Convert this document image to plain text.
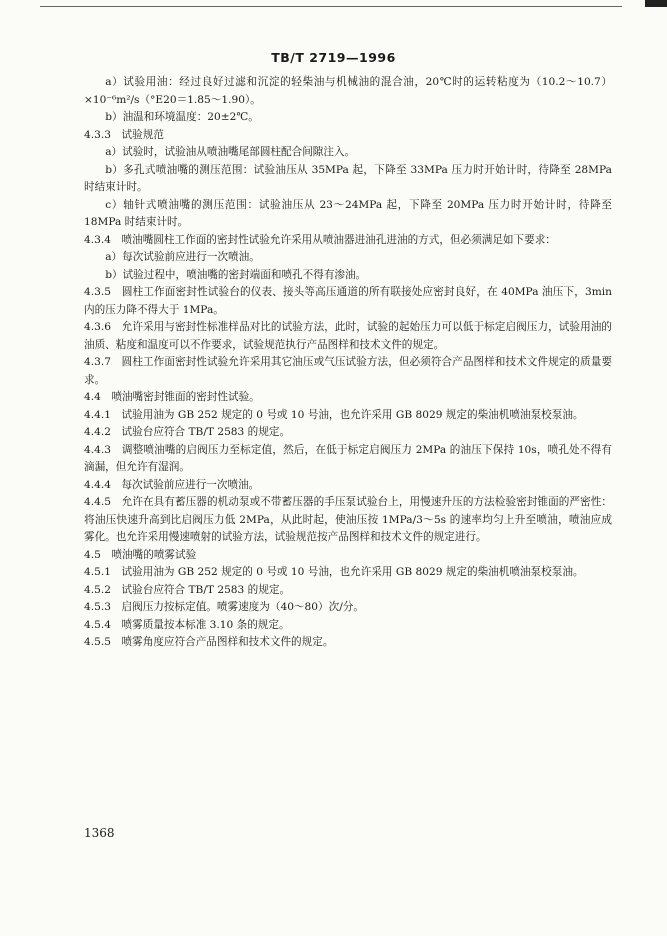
TB/T 2719—1996

a）试验用油：经过良好过滤和沉淀的轻柴油与机械油的混合油，20℃时的运转粘度为（10.2～10.7）×10⁻⁶m²/s（°E20＝1.85～1.90）。

b）油温和环境温度：20±2℃。

4.3.3　试验规范

a）试验时，试验油从喷油嘴尾部圆柱配合间隙注入。

b）多孔式喷油嘴的测压范围：试验油压从 35MPa 起，下降至 33MPa 压力时开始计时，待降至 28MPa 时结束计时。

c）轴针式喷油嘴的测压范围：试验油压从 23～24MPa 起，下降至 20MPa 压力时开始计时，待降至 18MPa 时结束计时。

4.3.4　喷油嘴圆柱工作面的密封性试验允许采用从喷油器进油孔进油的方式，但必须满足如下要求：

a）每次试验前应进行一次喷油。

b）试验过程中，喷油嘴的密封端面和喷孔不得有渗油。

4.3.5　圆柱工作面密封性试验台的仪表、接头等高压通道的所有联接处应密封良好，在 40MPa 油压下，3min 内的压力降不得大于 1MPa。

4.3.6　允许采用与密封性标准样品对比的试验方法，此时，试验的起始压力可以低于标定启阀压力，试验用油的油质、粘度和温度可以不作要求，试验规范执行产品图样和技术文件的规定。

4.3.7　圆柱工作面密封性试验允许采用其它油压或气压试验方法，但必须符合产品图样和技术文件规定的质量要求。

4.4　喷油嘴密封锥面的密封性试验。

4.4.1　试验用油为 GB 252 规定的 0 号或 10 号油，也允许采用 GB 8029 规定的柴油机喷油泵校泵油。

4.4.2　试验台应符合 TB/T 2583 的规定。

4.4.3　调整喷油嘴的启阀压力至标定值，然后，在低于标定启阀压力 2MPa 的油压下保持 10s，喷孔处不得有滴漏，但允许有湿润。

4.4.4　每次试验前应进行一次喷油。

4.4.5　允许在具有蓄压器的机动泵或不带蓄压器的手压泵试验台上，用慢速升压的方法检验密封锥面的严密性：将油压快速升高到比启阀压力低 2MPa，从此时起，使油压按 1MPa/3～5s 的速率均匀上升至喷油，喷油应成雾化。也允许采用慢速喷射的试验方法，试验规范按产品图样和技术文件的规定进行。

4.5　喷油嘴的喷雾试验

4.5.1　试验用油为 GB 252 规定的 0 号或 10 号油，也允许采用 GB 8029 规定的柴油机喷油泵校泵油。

4.5.2　试验台应符合 TB/T 2583 的规定。

4.5.3　启阀压力按标定值。喷雾速度为（40～80）次/分。

4.5.4　喷雾质量按本标准 3.10 条的规定。

4.5.5　喷雾角度应符合产品图样和技术文件的规定。

1368
